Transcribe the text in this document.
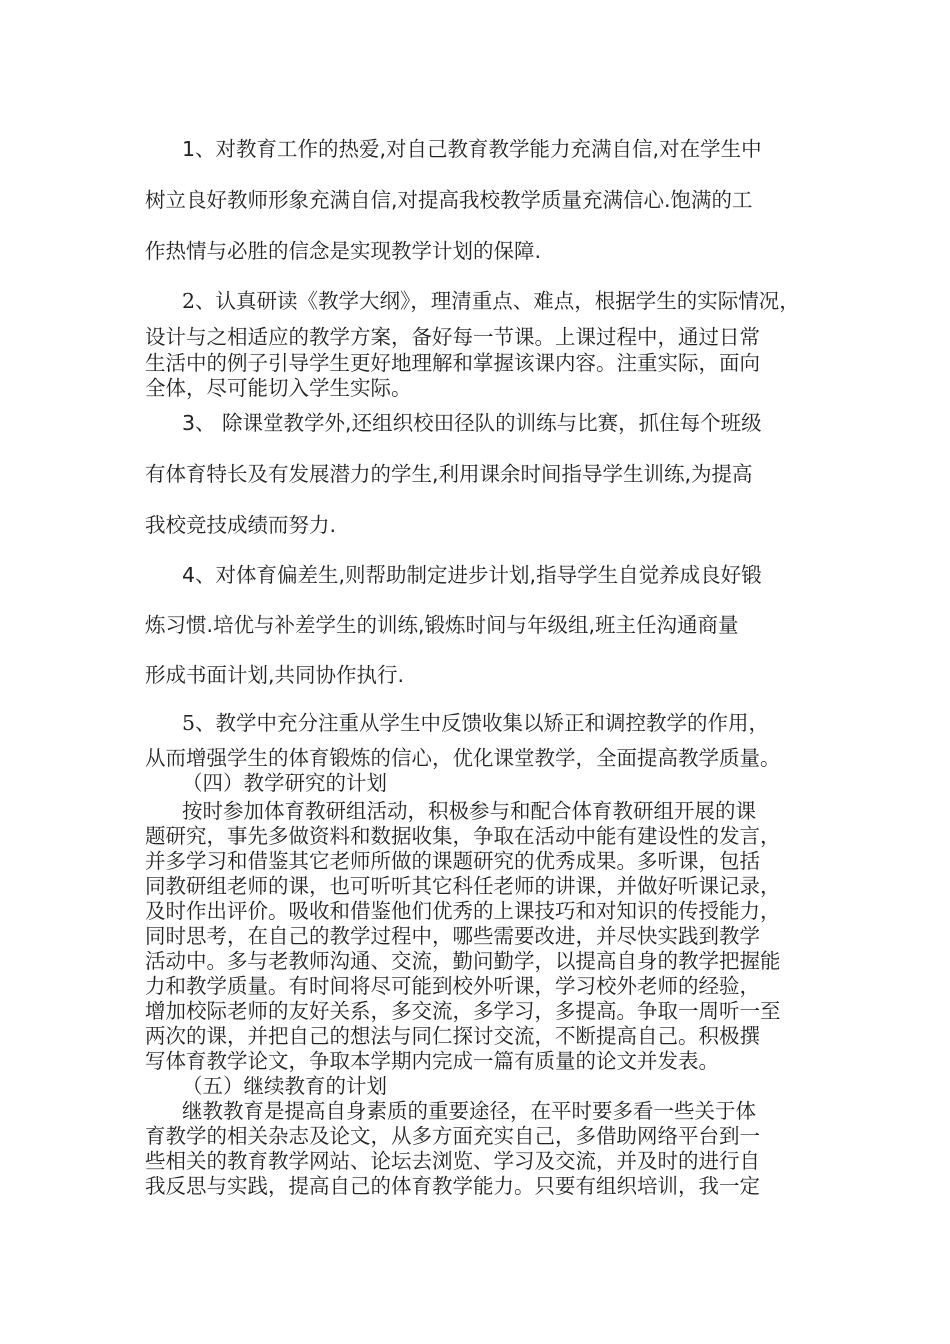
1、对教育工作的热爱,对自己教育教学能力充满自信,对在学生中
树立良好教师形象充满自信,对提高我校教学质量充满信心.饱满的工
作热情与必胜的信念是实现教学计划的保障.
2、认真研读《教学大纲》，理清重点、难点，根据学生的实际情况，
设计与之相适应的教学方案，备好每一节课。上课过程中，通过日常
生活中的例子引导学生更好地理解和掌握该课内容。注重实际，面向
全体，尽可能切入学生实际。
3、 除课堂教学外,还组织校田径队的训练与比赛，抓住每个班级
有体育特长及有发展潜力的学生,利用课余时间指导学生训练,为提高
我校竞技成绩而努力.
4、对体育偏差生,则帮助制定进步计划,指导学生自觉养成良好锻
炼习惯.培优与补差学生的训练,锻炼时间与年级组,班主任沟通商量
形成书面计划,共同协作执行.
5、教学中充分注重从学生中反馈收集以矫正和调控教学的作用，
从而增强学生的体育锻炼的信心，优化课堂教学，全面提高教学质量。
（四）教学研究的计划
按时参加体育教研组活动，积极参与和配合体育教研组开展的课
题研究，事先多做资料和数据收集，争取在活动中能有建设性的发言，
并多学习和借鉴其它老师所做的课题研究的优秀成果。多听课，包括
同教研组老师的课，也可听听其它科任老师的讲课，并做好听课记录，
及时作出评价。吸收和借鉴他们优秀的上课技巧和对知识的传授能力，
同时思考，在自己的教学过程中，哪些需要改进，并尽快实践到教学
活动中。多与老教师沟通、交流，勤问勤学，以提高自身的教学把握能
力和教学质量。有时间将尽可能到校外听课，学习校外老师的经验，
增加校际老师的友好关系，多交流，多学习，多提高。争取一周听一至
两次的课，并把自己的想法与同仁探讨交流，不断提高自己。积极撰
写体育教学论文，争取本学期内完成一篇有质量的论文并发表。
（五）继续教育的计划
继教教育是提高自身素质的重要途径，在平时要多看一些关于体
育教学的相关杂志及论文，从多方面充实自己，多借助网络平台到一
些相关的教育教学网站、论坛去浏览、学习及交流，并及时的进行自
我反思与实践，提高自己的体育教学能力。只要有组织培训，我一定
